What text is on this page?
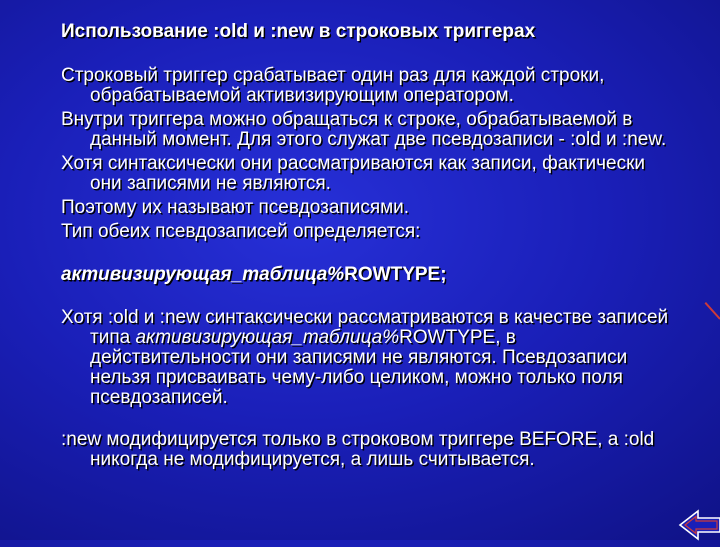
Использование :old и :new в строковых триггерах

Строковый триггер срабатывает один раз для каждой строки, обрабатываемой активизирующим оператором.

Внутри триггера можно обращаться к строке, обрабатываемой в данный момент. Для этого служат две псевдозаписи - :old и :new.

Хотя синтаксически они рассматриваются как записи, фактически они записями не являются.

Поэтому их называют псевдозаписями.

Тип обеих псевдозаписей определяется:

активизирующая_таблица%ROWTYPE;

Хотя :old и :new синтаксически рассматриваются в качестве записей типа активизирующая_таблица%ROWTYPE, в действительности они записями не являются. Псевдозаписи нельзя присваивать чему-либо целиком, можно только поля псевдозаписей.

:new модифицируется только в строковом триггере BEFORE, а :old никогда не модифицируется, а лишь считывается.
